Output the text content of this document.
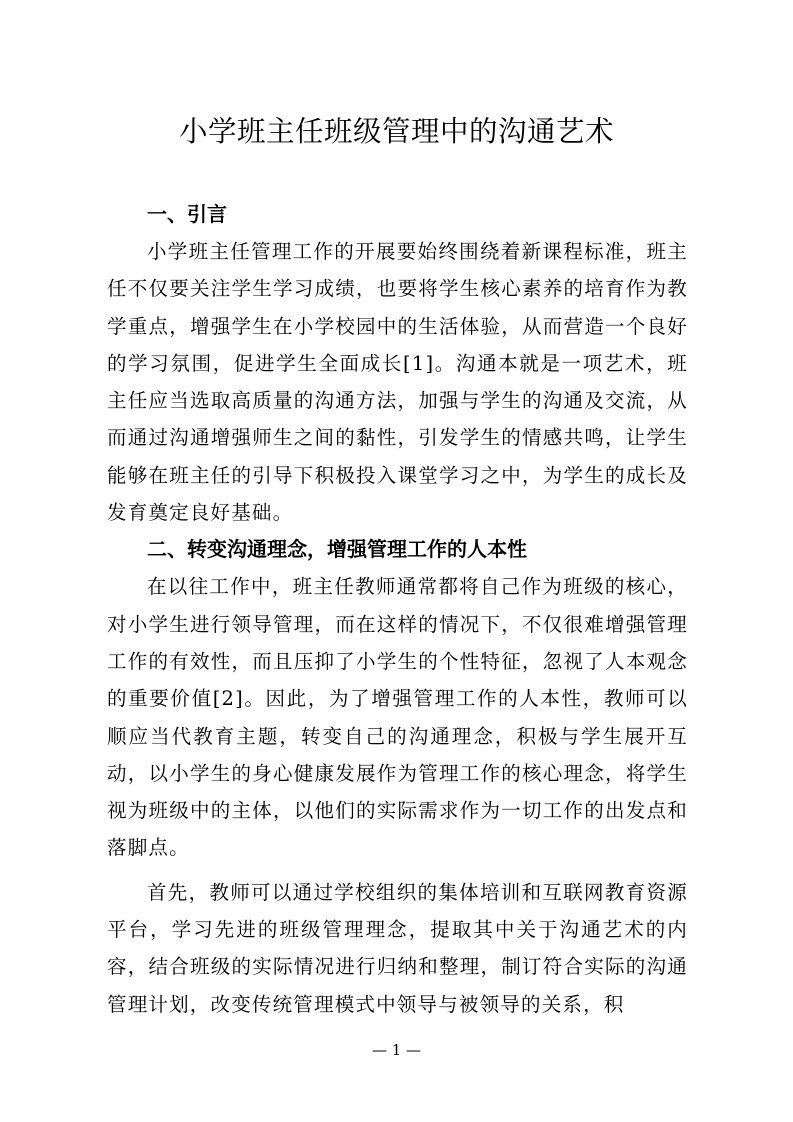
小学班主任班级管理中的沟通艺术
一、引言

小学班主任管理工作的开展要始终围绕着新课程标准，班主任不仅要关注学生学习成绩，也要将学生核心素养的培育作为教学重点，增强学生在小学校园中的生活体验，从而营造一个良好的学习氛围，促进学生全面成长[1]。沟通本就是一项艺术，班主任应当选取高质量的沟通方法，加强与学生的沟通及交流，从而通过沟通增强师生之间的黏性，引发学生的情感共鸣，让学生能够在班主任的引导下积极投入课堂学习之中，为学生的成长及发育奠定良好基础。

二、转变沟通理念，增强管理工作的人本性

在以往工作中，班主任教师通常都将自己作为班级的核心，对小学生进行领导管理，而在这样的情况下，不仅很难增强管理工作的有效性，而且压抑了小学生的个性特征，忽视了人本观念的重要价值[2]。因此，为了增强管理工作的人本性，教师可以顺应当代教育主题，转变自己的沟通理念，积极与学生展开互动，以小学生的身心健康发展作为管理工作的核心理念，将学生视为班级中的主体，以他们的实际需求作为一切工作的出发点和落脚点。

首先，教师可以通过学校组织的集体培训和互联网教育资源平台，学习先进的班级管理理念，提取其中关于沟通艺术的内容，结合班级的实际情况进行归纳和整理，制订符合实际的沟通管理计划，改变传统管理模式中领导与被领导的关系，积

— 1 —
